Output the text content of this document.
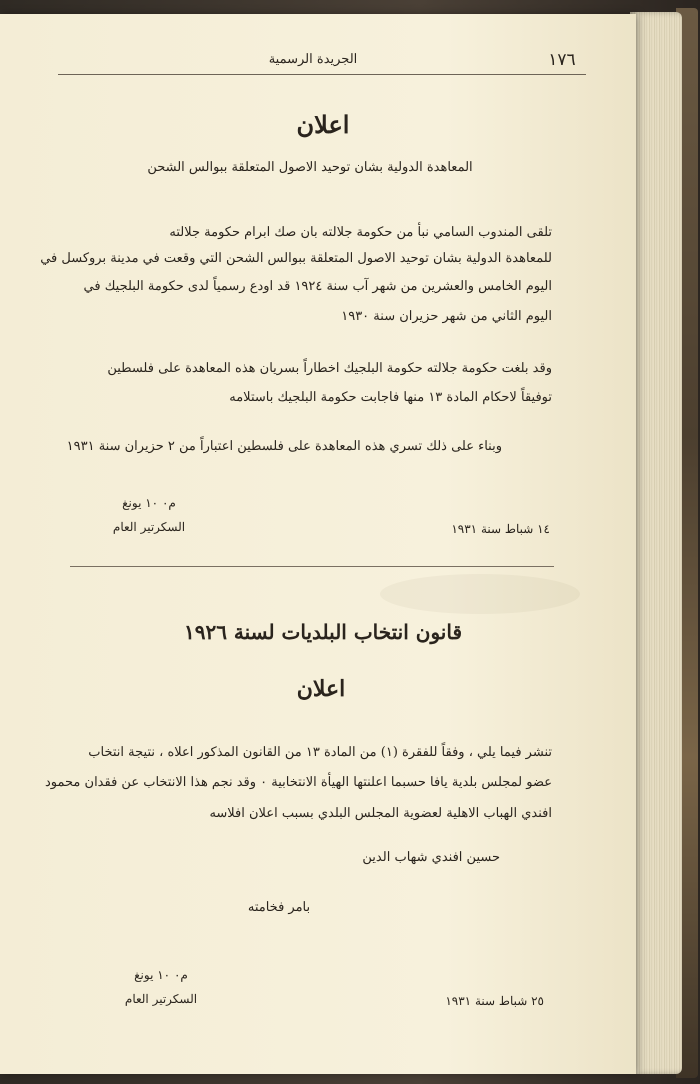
١٧٦
الجريدة الرسمية
اعلان
المعاهدة الدولية بشان توحيد الاصول المتعلقة ببوالس الشحن
تلقى المندوب السامي نبأ من حكومة جلالته بان صك ابرام حكومة جلالته
للمعاهدة الدولية بشان توحيد الاصول المتعلقة ببوالس الشحن التي وقعت في مدينة بروكسل في
اليوم الخامس والعشرين من شهر آب سنة ١٩٢٤ قد اودع رسمياً لدى حكومة البلجيك في
اليوم الثاني من شهر حزيران سنة ١٩٣٠
وقد بلغت حكومة جلالته حكومة البلجيك اخطاراً بسريان هذه المعاهدة على فلسطين
توفيقاً لاحكام المادة ١٣ منها فاجابت حكومة البلجيك باستلامه
وبناء على ذلك تسري هذه المعاهدة على فلسطين اعتباراً من ٢ حزيران سنة ١٩٣١
م٠ ١٠ يونغ
السكرتير العام	١٤ شباط سنة ١٩٣١
قانون انتخاب البلديات لسنة ١٩٢٦
اعلان
تنشر فيما يلي ، وفقاً للفقرة (١) من المادة ١٣ من القانون المذكور اعلاه ، نتيجة انتخاب
عضو لمجلس بلدية يافا حسبما اعلنتها الهيأة الانتخابية ٠ وقد نجم هذا الانتخاب عن فقدان محمود
افندي الهباب الاهلية لعضوية المجلس البلدي بسبب اعلان افلاسه
حسين افندي شهاب الدين
بامر فخامته
م٠ ١٠ يونغ
السكرتير العام	٢٥ شباط سنة ١٩٣١
